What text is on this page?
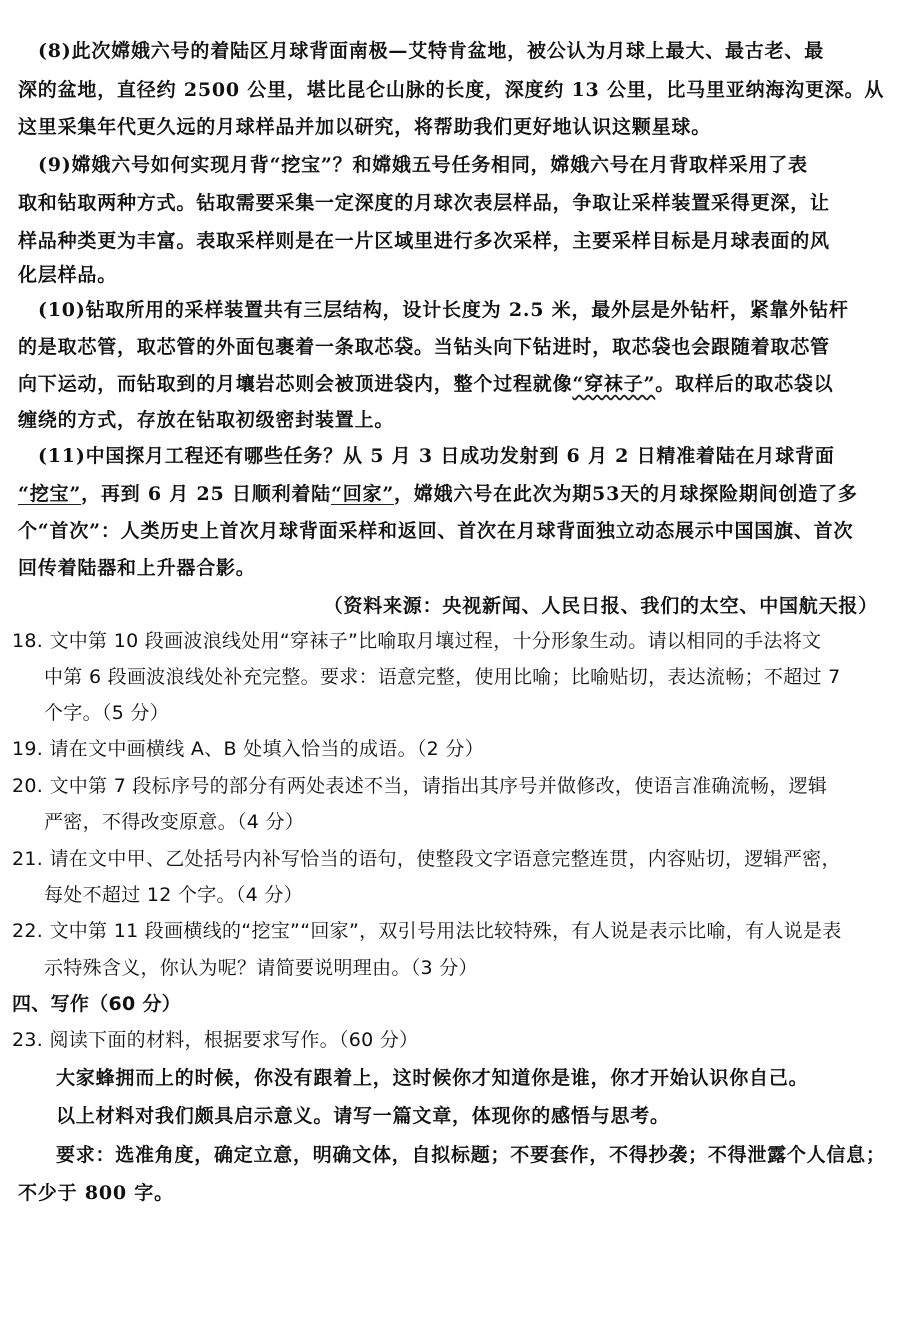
(8)此次嫦娥六号的着陆区月球背面南极—艾特肯盆地，被公认为月球上最大、最古老、最
深的盆地，直径约 2500 公里，堪比昆仑山脉的长度，深度约 13 公里，比马里亚纳海沟更深。从
这里采集年代更久远的月球样品并加以研究，将帮助我们更好地认识这颗星球。
(9)嫦娥六号如何实现月背“挖宝”？和嫦娥五号任务相同，嫦娥六号在月背取样采用了表
取和钻取两种方式。钻取需要采集一定深度的月球次表层样品，争取让采样装置采得更深，让
样品种类更为丰富。表取采样则是在一片区域里进行多次采样，主要采样目标是月球表面的风
化层样品。
(10)钻取所用的采样装置共有三层结构，设计长度为 2.5 米，最外层是外钻杆，紧靠外钻杆
的是取芯管，取芯管的外面包裹着一条取芯袋。当钻头向下钻进时，取芯袋也会跟随着取芯管
向下运动，而钻取到的月壤岩芯则会被顶进袋内，整个过程就像“穿袜子”。取样后的取芯袋以
缠绕的方式，存放在钻取初级密封装置上。
(11)中国探月工程还有哪些任务？从 5 月 3 日成功发射到 6 月 2 日精准着陆在月球背面
“挖宝”，再到 6 月 25 日顺利着陆“回家”，嫦娥六号在此次为期53天的月球探险期间创造了多
个“首次”：人类历史上首次月球背面采样和返回、首次在月球背面独立动态展示中国国旗、首次
回传着陆器和上升器合影。
（资料来源：央视新闻、人民日报、我们的太空、中国航天报）
18. 文中第 10 段画波浪线处用“穿袜子”比喻取月壤过程，十分形象生动。请以相同的手法将文
中第 6 段画波浪线处补充完整。要求：语意完整，使用比喻；比喻贴切，表达流畅；不超过 7
个字。（5 分）
19. 请在文中画横线 A、B 处填入恰当的成语。（2 分）
20. 文中第 7 段标序号的部分有两处表述不当，请指出其序号并做修改，使语言准确流畅，逻辑
严密，不得改变原意。（4 分）
21. 请在文中甲、乙处括号内补写恰当的语句，使整段文字语意完整连贯，内容贴切，逻辑严密，
每处不超过 12 个字。（4 分）
22. 文中第 11 段画横线的“挖宝”“回家”，双引号用法比较特殊，有人说是表示比喻，有人说是表
示特殊含义，你认为呢？请简要说明理由。（3 分）
四、写作（60 分）
23. 阅读下面的材料，根据要求写作。（60 分）
大家蜂拥而上的时候，你没有跟着上，这时候你才知道你是谁，你才开始认识你自己。
以上材料对我们颇具启示意义。请写一篇文章，体现你的感悟与思考。
要求：选准角度，确定立意，明确文体，自拟标题；不要套作，不得抄袭；不得泄露个人信息；
不少于 800 字。
